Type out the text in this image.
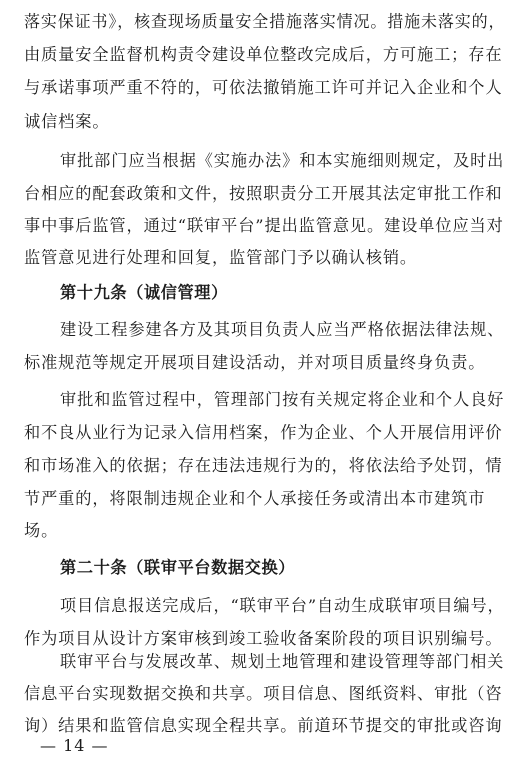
落实保证书》，核查现场质量安全措施落实情况。措施未落实的，
由质量安全监督机构责令建设单位整改完成后，方可施工；存在
与承诺事项严重不符的，可依法撤销施工许可并记入企业和个人
诚信档案。
审批部门应当根据《实施办法》和本实施细则规定，及时出
台相应的配套政策和文件，按照职责分工开展其法定审批工作和
事中事后监管，通过“联审平台”提出监管意见。建设单位应当对
监管意见进行处理和回复，监管部门予以确认核销。
第十九条（诚信管理）
建设工程参建各方及其项目负责人应当严格依据法律法规、
标准规范等规定开展项目建设活动，并对项目质量终身负责。
审批和监管过程中，管理部门按有关规定将企业和个人良好
和不良从业行为记录入信用档案，作为企业、个人开展信用评价
和市场准入的依据；存在违法违规行为的，将依法给予处罚，情
节严重的，将限制违规企业和个人承接任务或清出本市建筑市
场。
第二十条（联审平台数据交换）
项目信息报送完成后，“联审平台”自动生成联审项目编号，
作为项目从设计方案审核到竣工验收备案阶段的项目识别编号。
联审平台与发展改革、规划土地管理和建设管理等部门相关
信息平台实现数据交换和共享。项目信息、图纸资料、审批（咨
询）结果和监管信息实现全程共享。前道环节提交的审批或咨询
— 14 —
